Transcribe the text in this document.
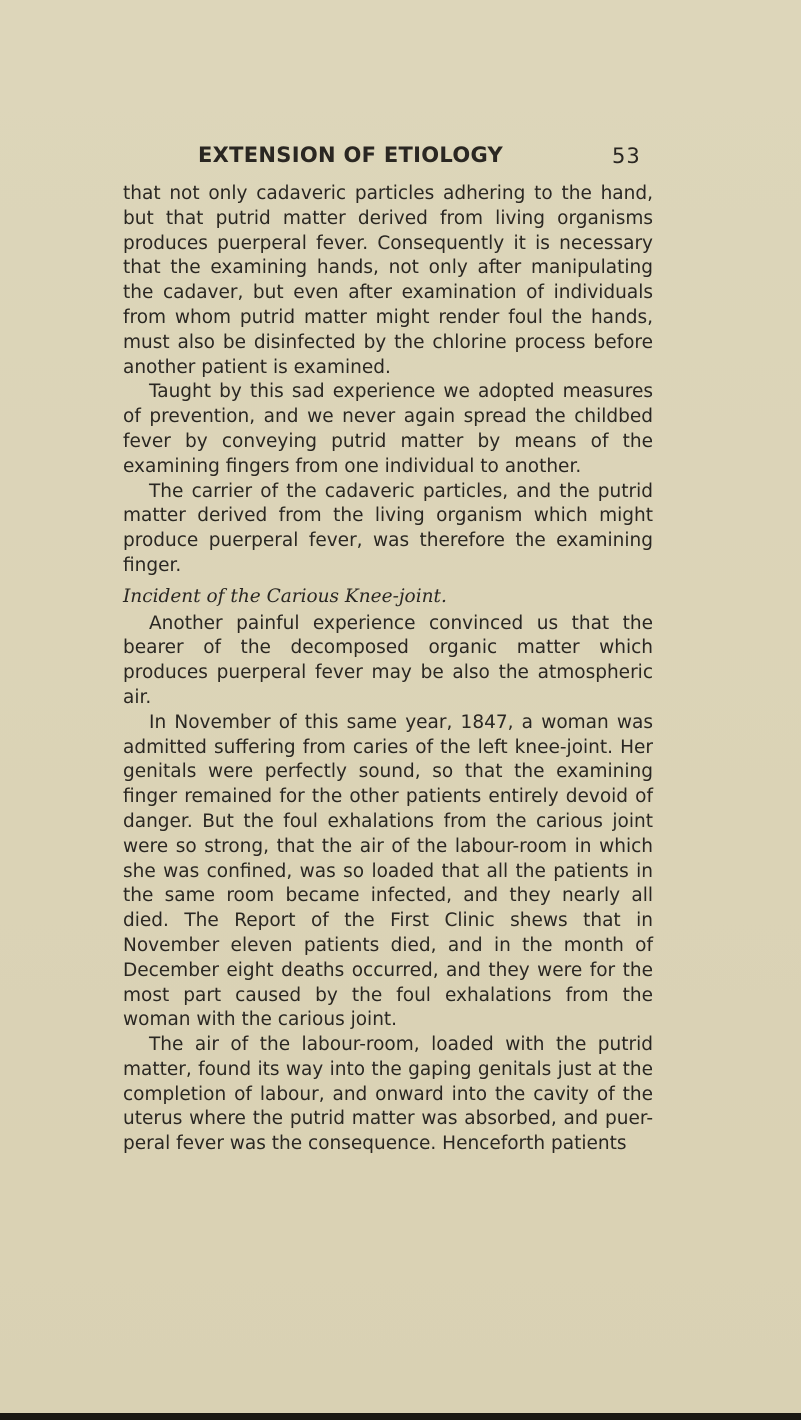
EXTENSION OF ETIOLOGY	53

that not only cadaveric particles adhering to the hand, but that putrid matter derived from living organisms produces puerperal fever. Consequently it is necessary that the examining hands, not only after manipulating the cadaver, but even after examination of individuals from whom putrid matter might render foul the hands, must also be disinfected by the chlorine process before another patient is examined.

Taught by this sad experience we adopted measures of prevention, and we never again spread the childbed fever by conveying putrid matter by means of the examining fingers from one individual to another.

The carrier of the cadaveric particles, and the putrid matter derived from the living organism which might produce puerperal fever, was therefore the examining finger.

Incident of the Carious Knee-joint.

Another painful experience convinced us that the bearer of the decomposed organic matter which produces puerperal fever may be also the atmospheric air.

In November of this same year, 1847, a woman was admitted suffering from caries of the left knee-joint. Her genitals were perfectly sound, so that the examining finger remained for the other patients entirely devoid of danger. But the foul exhalations from the carious joint were so strong, that the air of the labour-room in which she was confined, was so loaded that all the patients in the same room became infected, and they nearly all died. The Report of the First Clinic shews that in November eleven patients died, and in the month of December eight deaths occurred, and they were for the most part caused by the foul exhalations from the woman with the carious joint.

The air of the labour-room, loaded with the putrid matter, found its way into the gaping genitals just at the completion of labour, and onward into the cavity of the uterus where the putrid matter was absorbed, and puer- peral fever was the consequence. Henceforth patients
